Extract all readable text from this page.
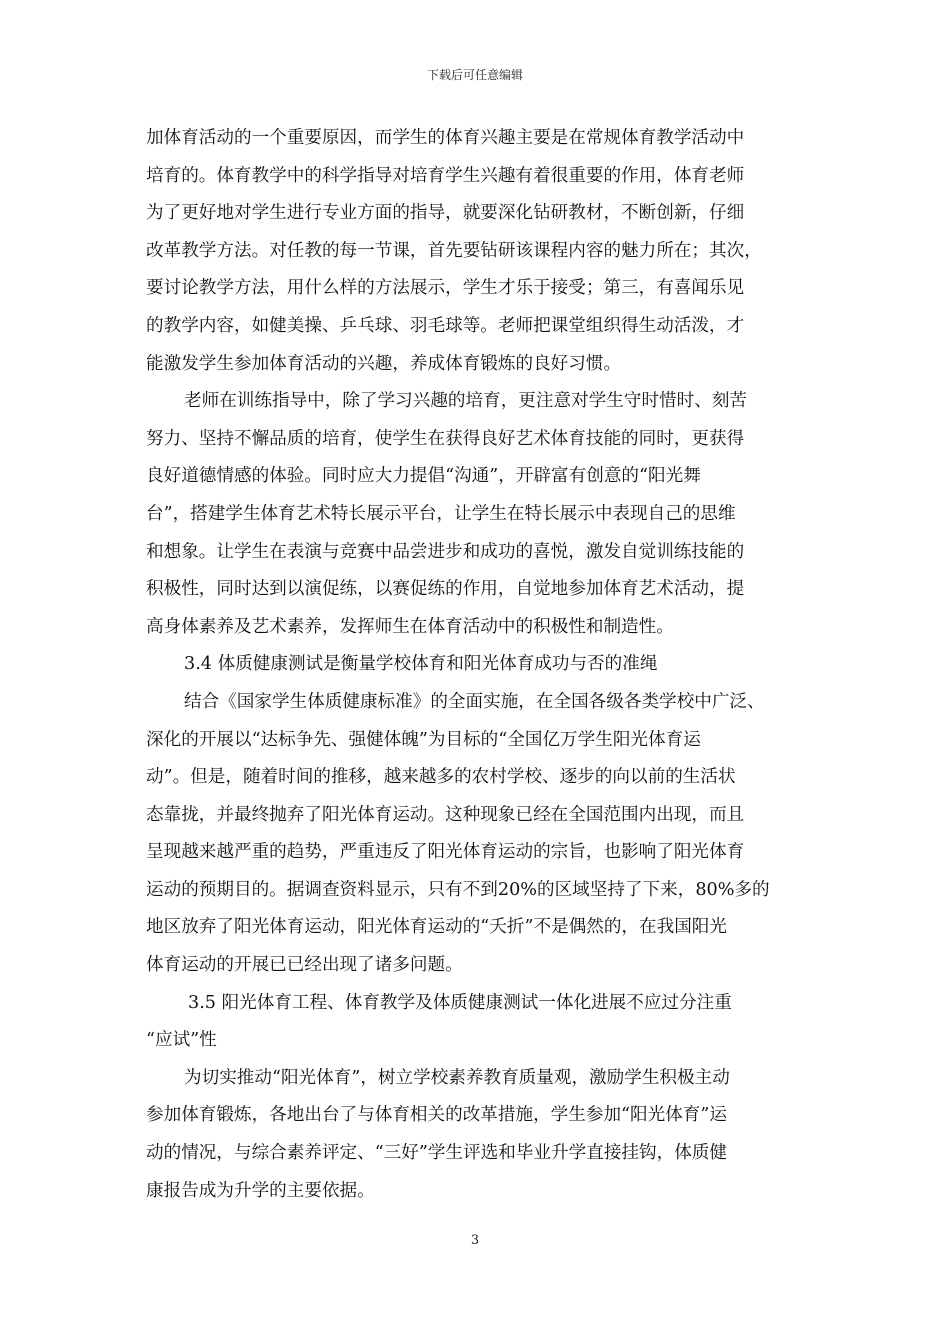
下载后可任意编辑
加体育活动的一个重要原因，而学生的体育兴趣主要是在常规体育教学活动中
培育的。体育教学中的科学指导对培育学生兴趣有着很重要的作用，体育老师
为了更好地对学生进行专业方面的指导，就要深化钻研教材，不断创新，仔细
改革教学方法。对任教的每一节课，首先要钻研该课程内容的魅力所在；其次，
要讨论教学方法，用什么样的方法展示，学生才乐于接受；第三，有喜闻乐见
的教学内容，如健美操、乒乓球、羽毛球等。老师把课堂组织得生动活泼，才
能激发学生参加体育活动的兴趣，养成体育锻炼的良好习惯。
老师在训练指导中，除了学习兴趣的培育，更注意对学生守时惜时、刻苦
努力、坚持不懈品质的培育，使学生在获得良好艺术体育技能的同时，更获得
良好道德情感的体验。同时应大力提倡“沟通”，开辟富有创意的“阳光舞
台”，搭建学生体育艺术特长展示平台，让学生在特长展示中表现自己的思维
和想象。让学生在表演与竞赛中品尝进步和成功的喜悦，激发自觉训练技能的
积极性，同时达到以演促练，以赛促练的作用，自觉地参加体育艺术活动，提
高身体素养及艺术素养，发挥师生在体育活动中的积极性和制造性。
3.4 体质健康测试是衡量学校体育和阳光体育成功与否的准绳
结合《国家学生体质健康标准》的全面实施，在全国各级各类学校中广泛、
深化的开展以“达标争先、强健体魄”为目标的“全国亿万学生阳光体育运
动”。但是，随着时间的推移，越来越多的农村学校、逐步的向以前的生活状
态靠拢，并最终抛弃了阳光体育运动。这种现象已经在全国范围内出现，而且
呈现越来越严重的趋势，严重违反了阳光体育运动的宗旨，也影响了阳光体育
运动的预期目的。据调查资料显示，只有不到20%的区域坚持了下来，80%多的
地区放弃了阳光体育运动，阳光体育运动的“夭折”不是偶然的，在我国阳光
体育运动的开展已已经出现了诸多问题。
3.5 阳光体育工程、体育教学及体质健康测试一体化进展不应过分注重
“应试”性
为切实推动“阳光体育”，树立学校素养教育质量观，激励学生积极主动
参加体育锻炼，各地出台了与体育相关的改革措施，学生参加“阳光体育”运
动的情况，与综合素养评定、“三好”学生评选和毕业升学直接挂钩，体质健
康报告成为升学的主要依据。
3
